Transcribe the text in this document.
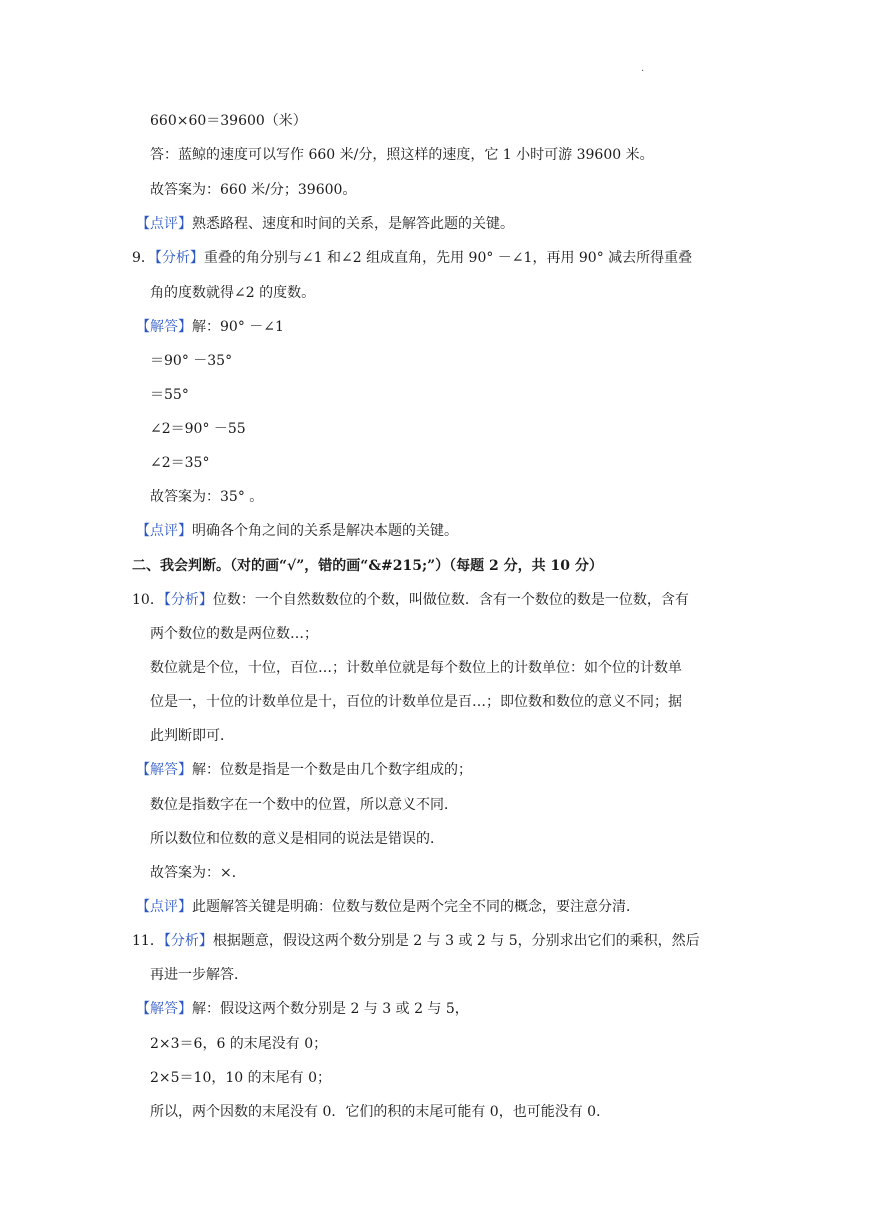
·
660×60＝39600（米）
答：蓝鲸的速度可以写作 660 米/分，照这样的速度，它 1 小时可游 39600 米。
故答案为：660 米/分；39600。
【点评】熟悉路程、速度和时间的关系，是解答此题的关键。
9．【分析】重叠的角分别与∠1 和∠2 组成直角，先用 90° －∠1，再用 90° 减去所得重叠
角的度数就得∠2 的度数。
【解答】解：90° －∠1
＝90° －35°
＝55°
∠2＝90° －55
∠2＝35°
故答案为：35° 。
【点评】明确各个角之间的关系是解决本题的关键。
二、我会判断。（对的画“√”，错的画“&#215;”）（每题 2 分，共 10 分）
10．【分析】位数：一个自然数数位的个数，叫做位数．含有一个数位的数是一位数，含有
两个数位的数是两位数…；
数位就是个位，十位，百位…；计数单位就是每个数位上的计数单位：如个位的计数单
位是一，十位的计数单位是十，百位的计数单位是百…；即位数和数位的意义不同；据
此判断即可．
【解答】解：位数是指是一个数是由几个数字组成的；
数位是指数字在一个数中的位置，所以意义不同．
所以数位和位数的意义是相同的说法是错误的．
故答案为：×．
【点评】此题解答关键是明确：位数与数位是两个完全不同的概念，要注意分清．
11．【分析】根据题意，假设这两个数分别是 2 与 3 或 2 与 5，分别求出它们的乘积，然后
再进一步解答．
【解答】解：假设这两个数分别是 2 与 3 或 2 与 5，
2×3＝6，6 的末尾没有 0；
2×5＝10，10 的末尾有 0；
所以，两个因数的末尾没有 0．它们的积的末尾可能有 0，也可能没有 0．
